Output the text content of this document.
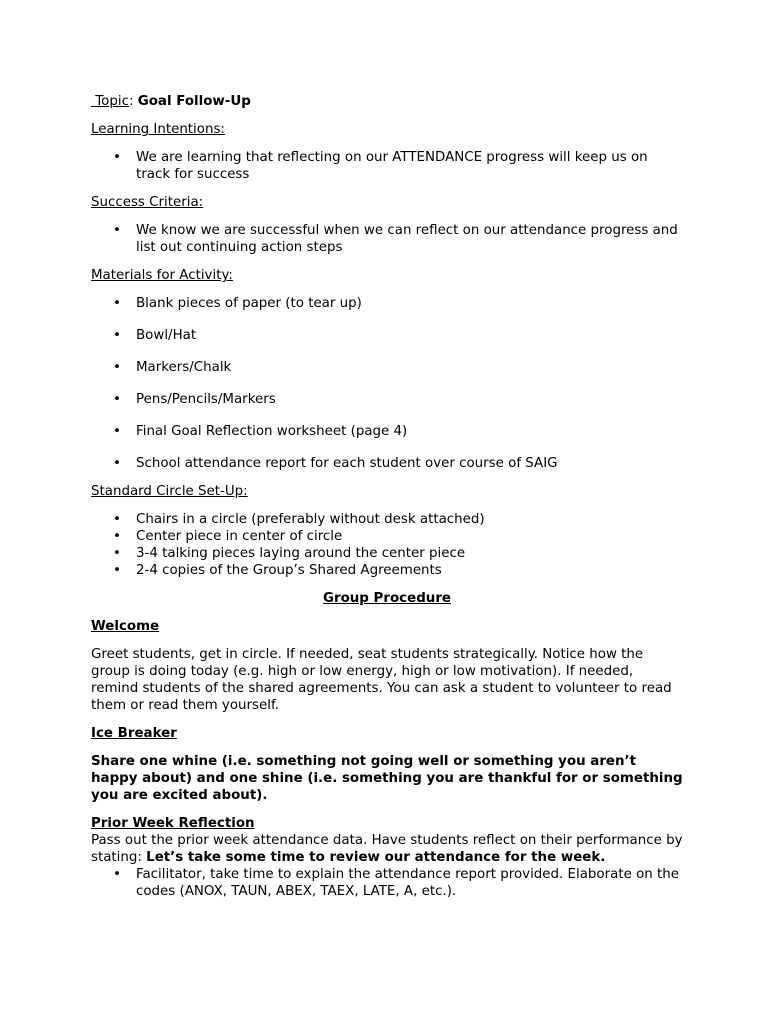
Topic: Goal Follow-Up

Learning Intentions:

• We are learning that reflecting on our ATTENDANCE progress will keep us on track for success

Success Criteria:

• We know we are successful when we can reflect on our attendance progress and list out continuing action steps

Materials for Activity:

• Blank pieces of paper (to tear up)
• Bowl/Hat
• Markers/Chalk
• Pens/Pencils/Markers
• Final Goal Reflection worksheet (page 4)
• School attendance report for each student over course of SAIG

Standard Circle Set-Up:

• Chairs in a circle (preferably without desk attached)
• Center piece in center of circle
• 3-4 talking pieces laying around the center piece
• 2-4 copies of the Group’s Shared Agreements

Group Procedure

Welcome

Greet students, get in circle. If needed, seat students strategically. Notice how the group is doing today (e.g. high or low energy, high or low motivation). If needed, remind students of the shared agreements. You can ask a student to volunteer to read them or read them yourself.

Ice Breaker

Share one whine (i.e. something not going well or something you aren’t happy about) and one shine (i.e. something you are thankful for or something you are excited about).

Prior Week Reflection

Pass out the prior week attendance data. Have students reflect on their performance by stating: Let’s take some time to review our attendance for the week.

• Facilitator, take time to explain the attendance report provided. Elaborate on the codes (ANOX, TAUN, ABEX, TAEX, LATE, A, etc.).
